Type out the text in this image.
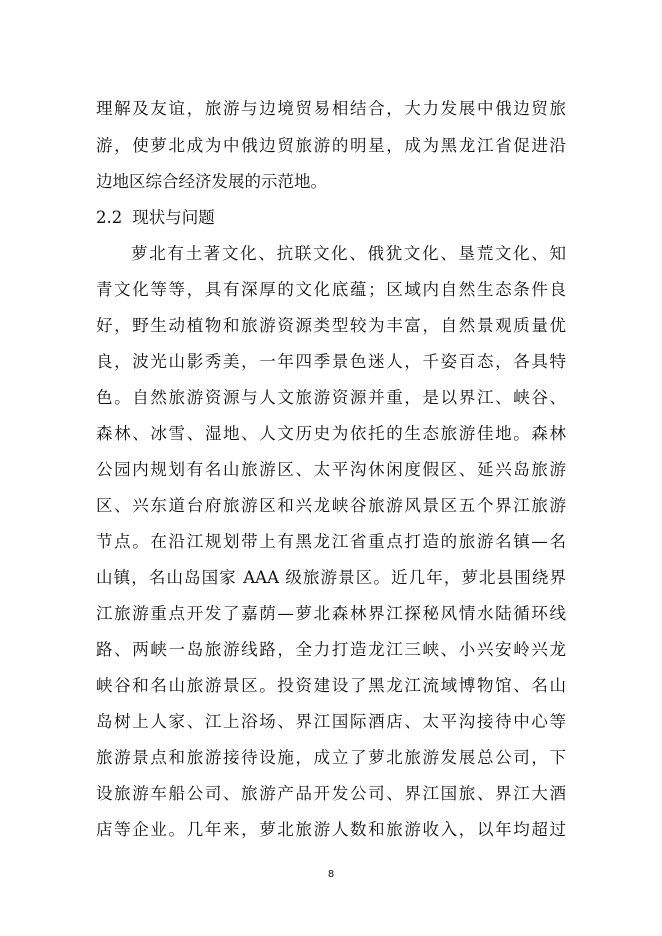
理解及友谊，旅游与边境贸易相结合，大力发展中俄边贸旅
游，使萝北成为中俄边贸旅游的明星，成为黑龙江省促进沿
边地区综合经济发展的示范地。
2.2 现状与问题
萝北有土著文化、抗联文化、俄犹文化、垦荒文化、知
青文化等等，具有深厚的文化底蕴；区域内自然生态条件良
好，野生动植物和旅游资源类型较为丰富，自然景观质量优
良，波光山影秀美，一年四季景色迷人，千姿百态，各具特
色。自然旅游资源与人文旅游资源并重，是以界江、峡谷、
森林、冰雪、湿地、人文历史为依托的生态旅游佳地。森林
公园内规划有名山旅游区、太平沟休闲度假区、延兴岛旅游
区、兴东道台府旅游区和兴龙峡谷旅游风景区五个界江旅游
节点。在沿江规划带上有黑龙江省重点打造的旅游名镇—名
山镇，名山岛国家 AAA 级旅游景区。近几年，萝北县围绕界
江旅游重点开发了嘉荫—萝北森林界江探秘风情水陆循环线
路、两峡一岛旅游线路，全力打造龙江三峡、小兴安岭兴龙
峡谷和名山旅游景区。投资建设了黑龙江流域博物馆、名山
岛树上人家、江上浴场、界江国际酒店、太平沟接待中心等
旅游景点和旅游接待设施，成立了萝北旅游发展总公司，下
设旅游车船公司、旅游产品开发公司、界江国旅、界江大酒
店等企业。几年来，萝北旅游人数和旅游收入，以年均超过
8
